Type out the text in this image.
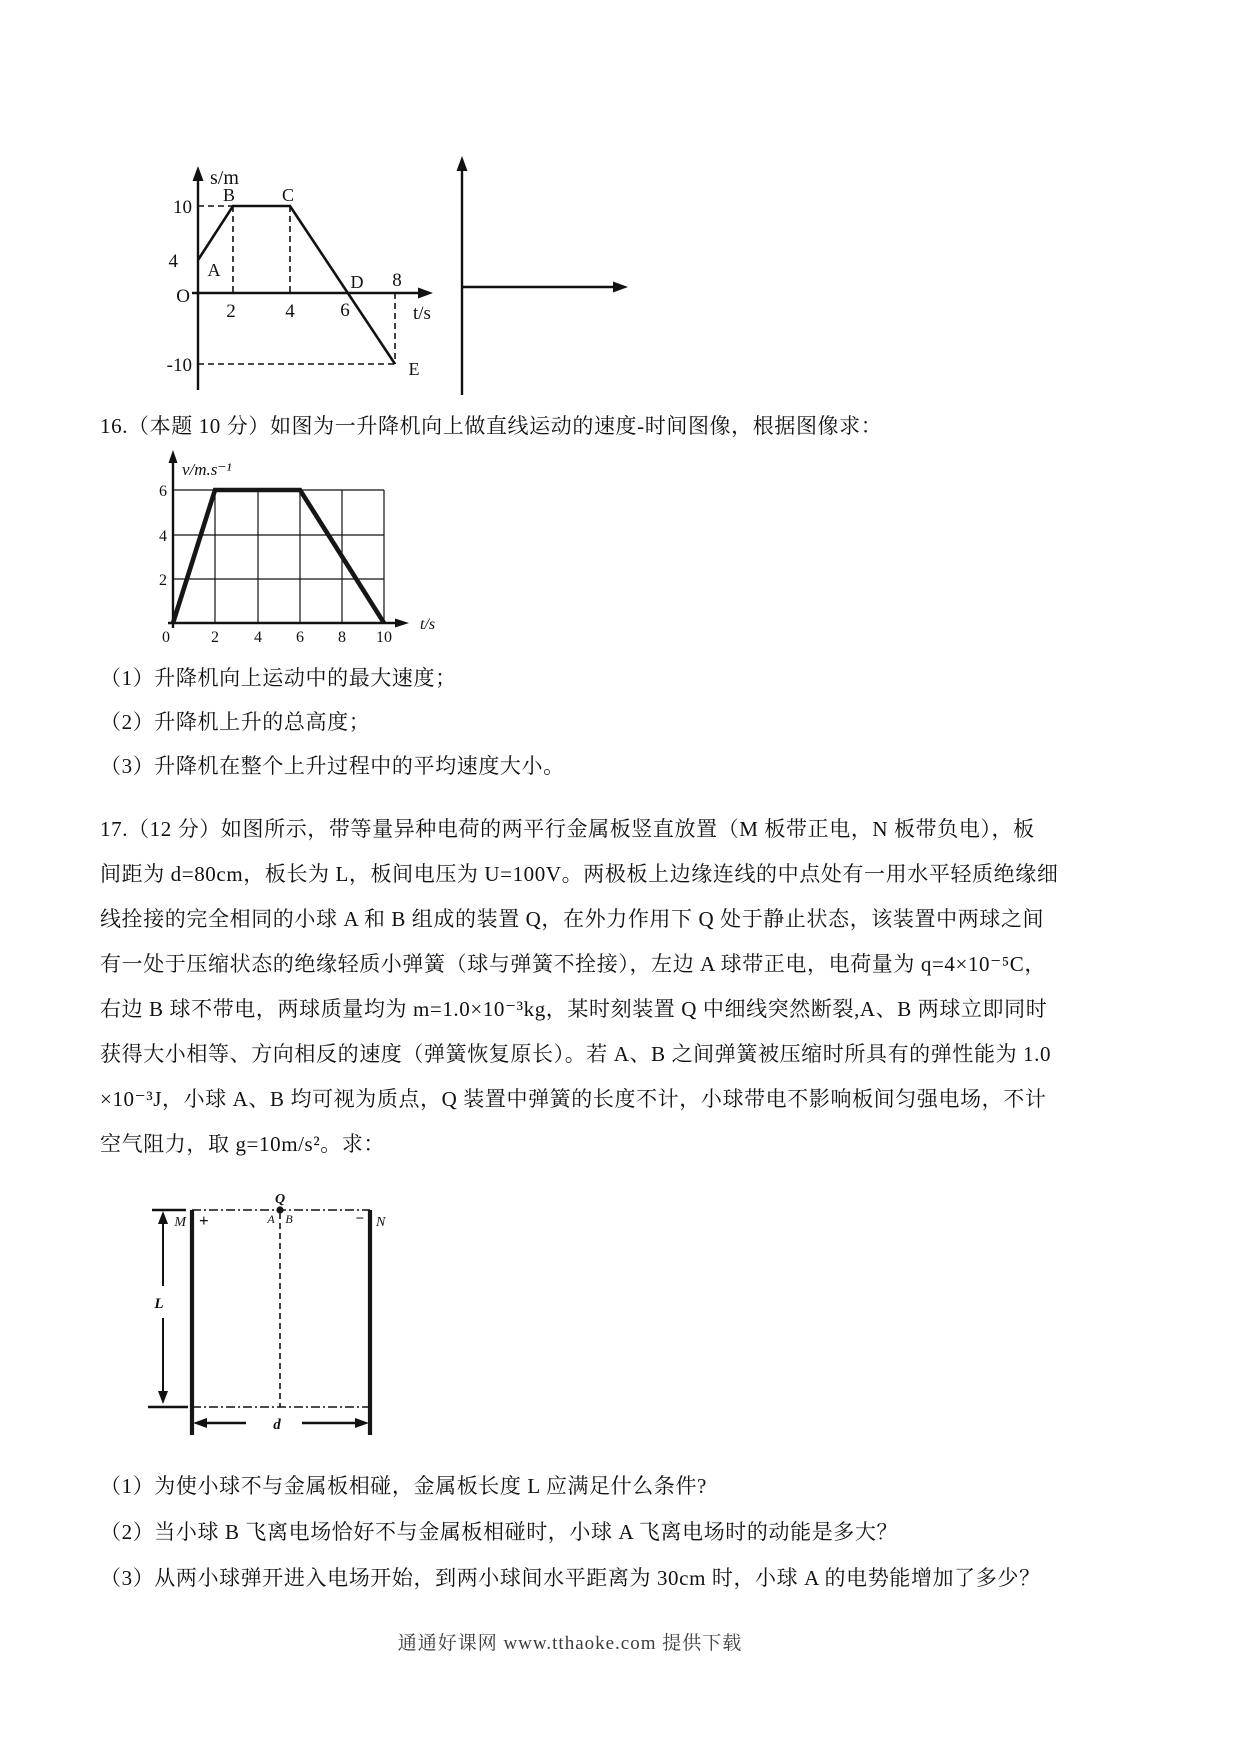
s/m
10
4
-10
O
2	4 6
8
t/s
A
B	C
D
E
16.（本题 10 分）如图为一升降机向上做直线运动的速度-时间图像，根据图像求：
v/m.s⁻¹
6
4
2
0	2 4 6 8 10
t/s
（1）升降机向上运动中的最大速度；
（2）升降机上升的总高度；
（3）升降机在整个上升过程中的平均速度大小。
17.（12 分）如图所示，带等量异种电荷的两平行金属板竖直放置（M 板带正电，N 板带负电），板
间距为 d=80cm，板长为 L，板间电压为 U=100V。两极板上边缘连线的中点处有一用水平轻质绝缘细
线拴接的完全相同的小球 A 和 B 组成的装置 Q，在外力作用下 Q 处于静止状态，该装置中两球之间
有一处于压缩状态的绝缘轻质小弹簧（球与弹簧不拴接），左边 A 球带正电，电荷量为 q=4×10⁻⁵C，
右边 B 球不带电，两球质量均为 m=1.0×10⁻³kg，某时刻装置 Q 中细线突然断裂,A、B 两球立即同时
获得大小相等、方向相反的速度（弹簧恢复原长）。若 A、B 之间弹簧被压缩时所具有的弹性能为 1.0
×10⁻³J，小球 A、B 均可视为质点，Q 装置中弹簧的长度不计，小球带电不影响板间匀强电场，不计
空气阻力，取 g=10m/s²。求：
L
d
Q
A B
M +	N
−
（1）为使小球不与金属板相碰，金属板长度 L 应满足什么条件?
（2）当小球 B 飞离电场恰好不与金属板相碰时，小球 A 飞离电场时的动能是多大？
（3）从两小球弹开进入电场开始，到两小球间水平距离为 30cm 时，小球 A 的电势能增加了多少？
通通好课网 www.tthaoke.com 提供下载
